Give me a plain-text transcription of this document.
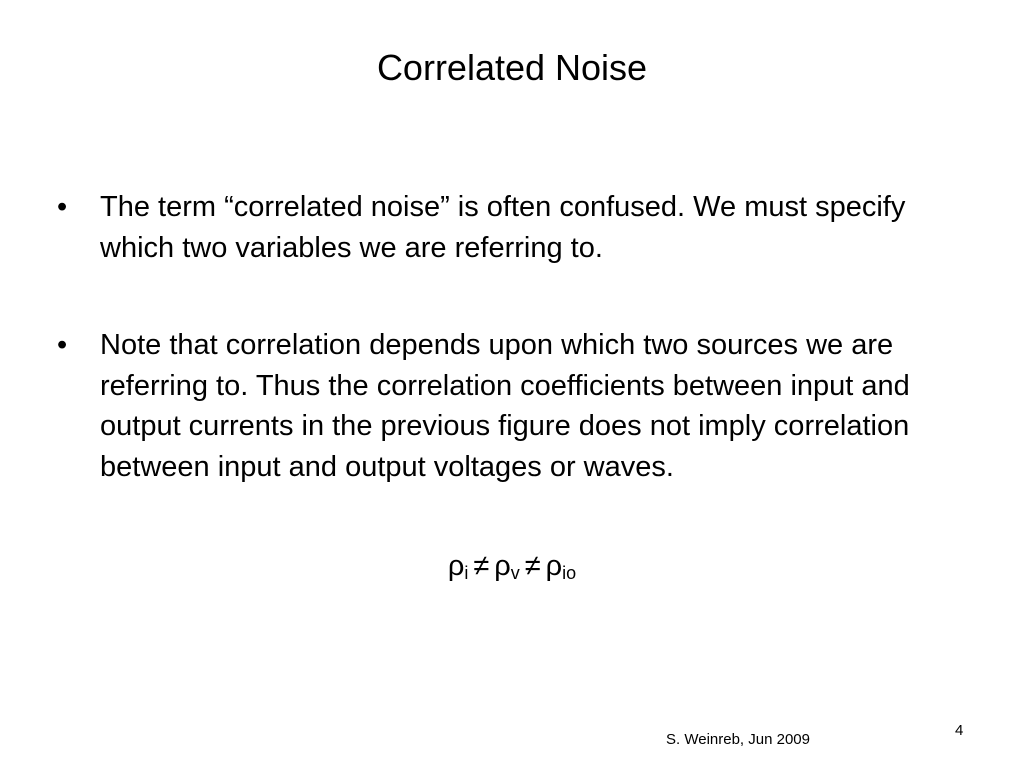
Correlated Noise
•	The term “correlated noise” is often confused. We must specify which two variables we are referring to.
•	Note that correlation depends upon which two sources we are referring to. Thus the correlation coefficients between input and output currents in the previous figure does not imply correlation between input and output voltages or waves.
$\rho_i \ne \rho_v \ne \rho_{io}$
S. Weinreb, Jun 2009
4
